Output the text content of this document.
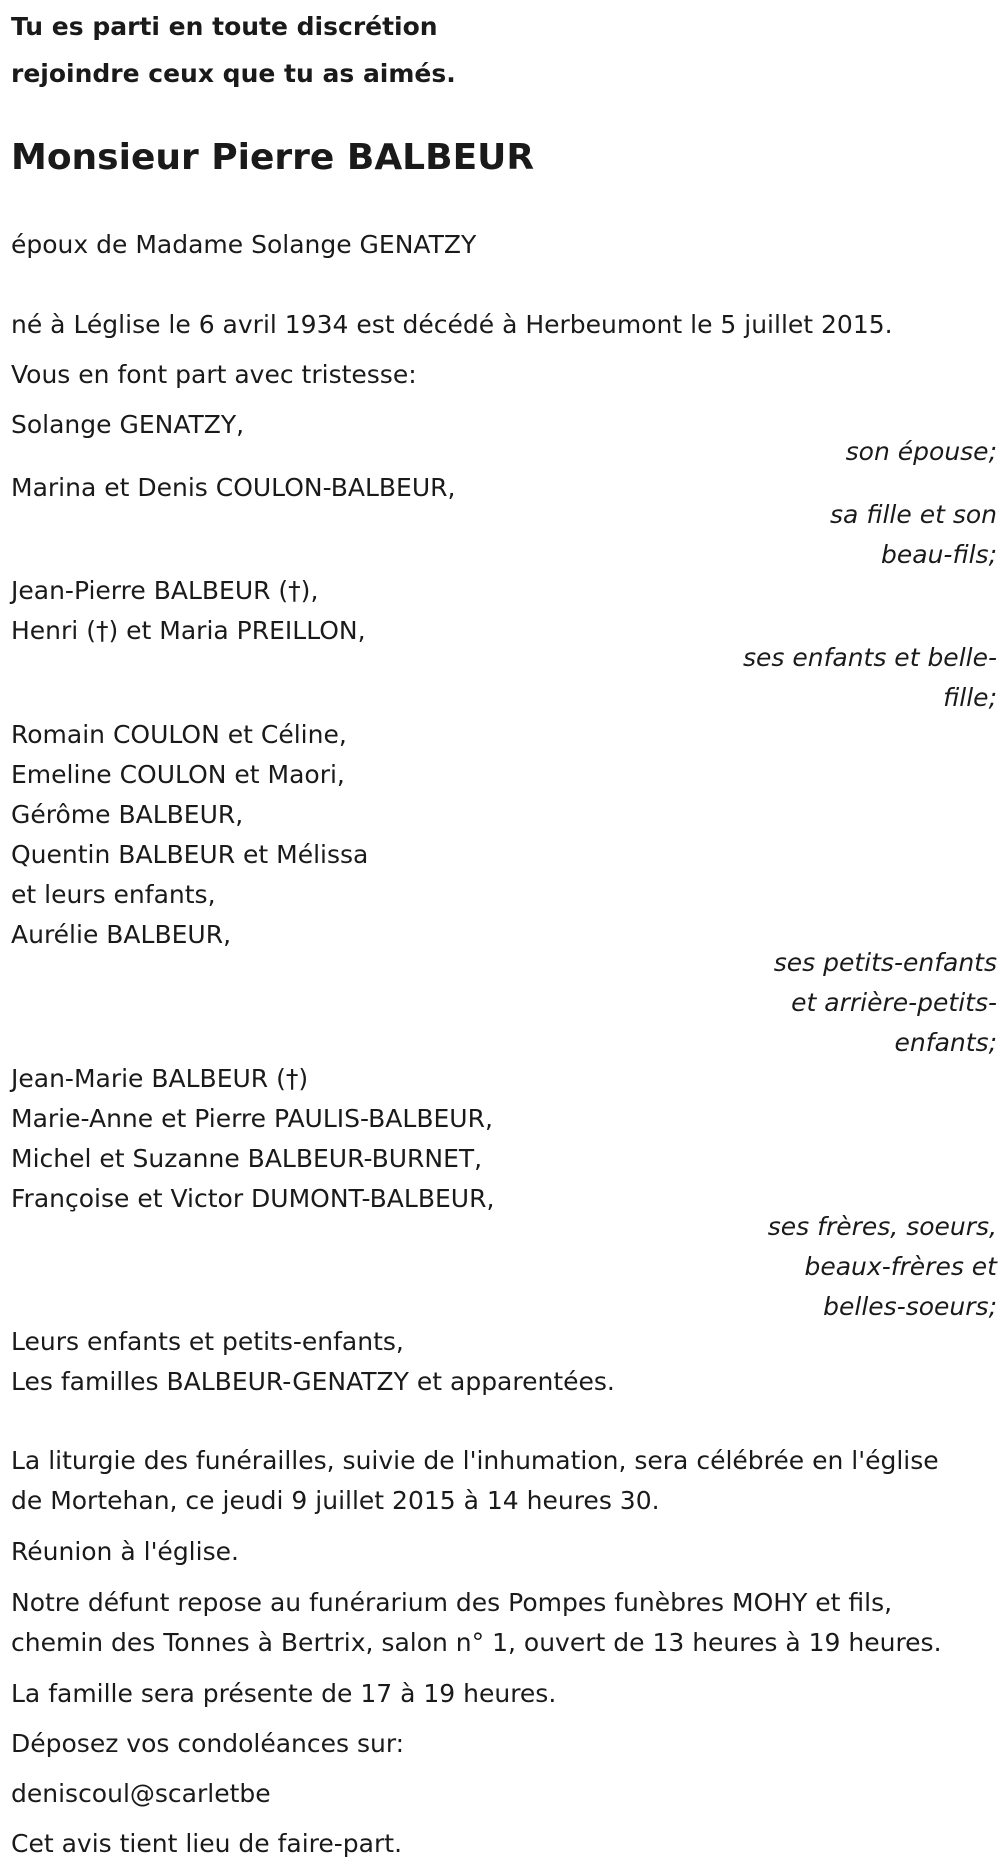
Tu es parti en toute discrétion
rejoindre ceux que tu as aimés.
Monsieur Pierre BALBEUR
époux de Madame Solange GENATZY
né à Léglise le 6 avril 1934 est décédé à Herbeumont le 5 juillet 2015.
Vous en font part avec tristesse:
Solange GENATZY,
son épouse;
Marina et Denis COULON-BALBEUR,
sa fille et son
beau-fils;
Jean-Pierre BALBEUR (†),
Henri (†) et Maria PREILLON,
ses enfants et belle-
fille;
Romain COULON et Céline,
Emeline COULON et Maori,
Gérôme BALBEUR,
Quentin BALBEUR et Mélissa
et leurs enfants,
Aurélie BALBEUR,
ses petits-enfants
et arrière-petits-
enfants;
Jean-Marie BALBEUR (†)
Marie-Anne et Pierre PAULIS-BALBEUR,
Michel et Suzanne BALBEUR-BURNET,
Françoise et Victor DUMONT-BALBEUR,
ses frères, soeurs,
beaux-frères et
belles-soeurs;
Leurs enfants et petits-enfants,
Les familles BALBEUR-GENATZY et apparentées.
La liturgie des funérailles, suivie de l'inhumation, sera célébrée en l'église
de Mortehan, ce jeudi 9 juillet 2015 à 14 heures 30.
Réunion à l'église.
Notre défunt repose au funérarium des Pompes funèbres MOHY et fils,
chemin des Tonnes à Bertrix, salon n° 1, ouvert de 13 heures à 19 heures.
La famille sera présente de 17 à 19 heures.
Déposez vos condoléances sur:
deniscoul@scarletbe
Cet avis tient lieu de faire-part.
